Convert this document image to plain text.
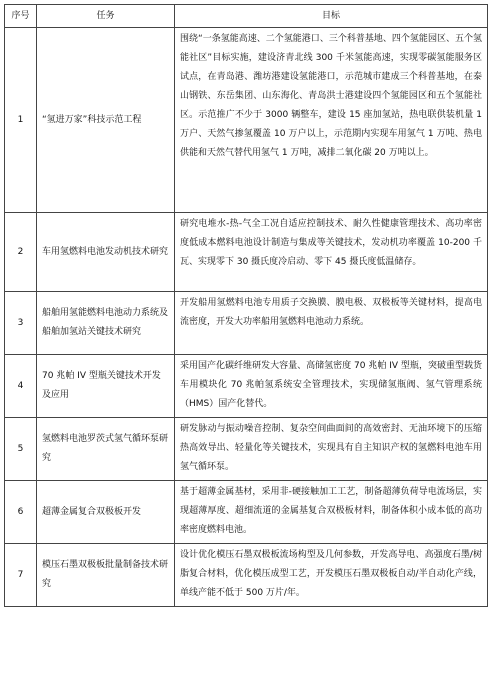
序号	任务	目标
1	“氢进万家”科技示范工程	围绕“一条氢能高速、二个氢能港口、三个科普基地、四个氢能园区、五个氢能社区”目标实施，建设济青北线 300 千米氢能高速，实现零碳氢能服务区试点，在青岛港、潍坊港建设氢能港口，示范城市建成三个科普基地，在泰山钢铁、东岳集团、山东海化、青岛洪士港建设四个氢能园区和五个氢能社区。示范推广不少于 3000 辆整车，建设 15 座加氢站，热电联供装机量 1 万户、天然气掺氢覆盖 10 万户以上，示范期内实现车用氢气 1 万吨、热电供能和天然气替代用氢气 1 万吨，减排二氧化碳 20 万吨以上。
2	车用氢燃料电池发动机技术研究	研究电堆水-热-气全工况自适应控制技术、耐久性健康管理技术、高功率密度低成本燃料电池设计制造与集成等关键技术，发动机功率覆盖 10-200 千瓦、实现零下 30 摄氏度冷启动、零下 45 摄氏度低温储存。
3	船舶用氢能燃料电池动力系统及船舶加氢站关键技术研究	开发船用氢燃料电池专用质子交换膜、膜电极、双极板等关键材料，提高电流密度，开发大功率船用氢燃料电池动力系统。
4	70 兆帕 IV 型瓶关键技术开发及应用	采用国产化碳纤维研发大容量、高储氢密度 70 兆帕 IV 型瓶，突破重型载货车用模块化 70 兆帕氢系统安全管理技术，实现储氢瓶阀、氢气管理系统（HMS）国产化替代。
5	氢燃料电池罗茨式氢气循环泵研究	研发脉动与振动噪音控制、复杂空间曲面间的高效密封、无油环境下的压缩热高效导出、轻量化等关键技术，实现具有自主知识产权的氢燃料电池车用氢气循环泵。
6	超薄金属复合双极板开发	基于超薄金属基材，采用非-硬接触加工工艺，制备超薄负荷导电流场层，实现超薄厚度、超细流道的金属基复合双极板材料，制备体积小成本低的高功率密度燃料电池。
7	模压石墨双极板批量制备技术研究	设计优化模压石墨双极板流场构型及几何参数，开发高导电、高强度石墨/树脂复合材料，优化模压成型工艺，开发模压石墨双极板自动/半自动化产线，单线产能不低于 500 万片/年。
